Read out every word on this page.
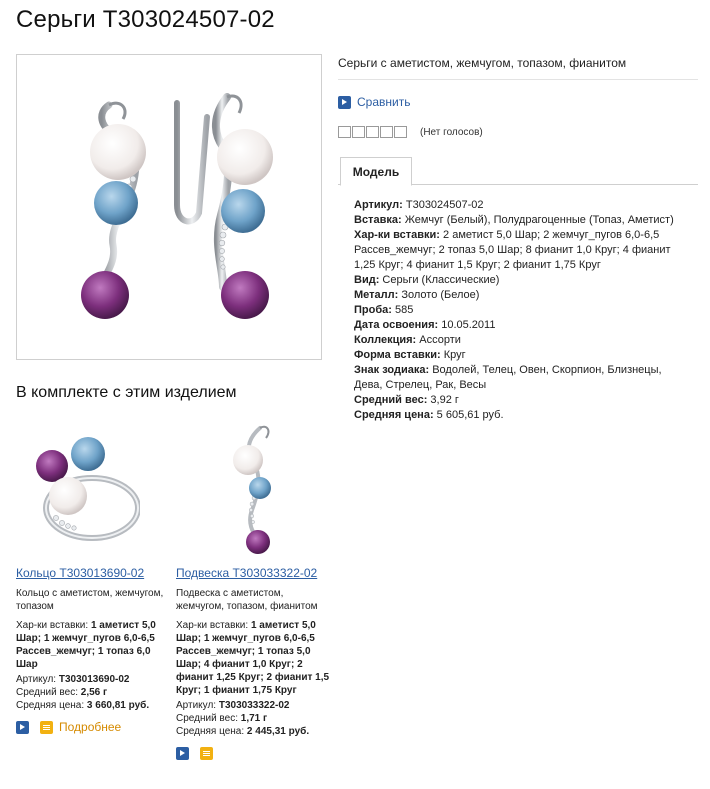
Серьги Т303024507-02
Серьги с аметистом, жемчугом, топазом, фианитом
Сравнить
(Нет голосов)
Модель
Артикул: Т303024507-02
Вставка: Жемчуг (Белый), Полудрагоценные (Топаз, Аметист)
Хар-ки вставки: 2 аметист 5,0 Шар; 2 жемчуг_пугов 6,0-6,5 Рассев_жемчуг; 2 топаз 5,0 Шар; 8 фианит 1,0 Круг; 4 фианит 1,25 Круг; 4 фианит 1,5 Круг; 2 фианит 1,75 Круг
Вид: Серьги (Классические)
Металл: Золото (Белое)
Проба: 585
Дата освоения: 10.05.2011
Коллекция: Ассорти
Форма вставки: Круг
Знак зодиака: Водолей, Телец, Овен, Скорпион, Близнецы, Дева, Стрелец, Рак, Весы
Средний вес: 3,92 г
Средняя цена: 5 605,61 руб.
В комплекте с этим изделием
Кольцо Т303013690-02
Кольцо с аметистом, жемчугом, топазом
Хар-ки вставки: 1 аметист 5,0 Шар; 1 жемчуг_пугов 6,0-6,5 Рассев_жемчуг; 1 топаз 6,0 Шар
Артикул: Т303013690-02
Средний вес: 2,56 г
Средняя цена: 3 660,81 руб.
Подробнее
Подвеска Т303033322-02
Подвеска с аметистом, жемчугом, топазом, фианитом
Хар-ки вставки: 1 аметист 5,0 Шар; 1 жемчуг_пугов 6,0-6,5 Рассев_жемчуг; 1 топаз 5,0 Шар; 4 фианит 1,0 Круг; 2 фианит 1,25 Круг; 2 фианит 1,5 Круг; 1 фианит 1,75 Круг
Артикул: Т303033322-02
Средний вес: 1,71 г
Средняя цена: 2 445,31 руб.
